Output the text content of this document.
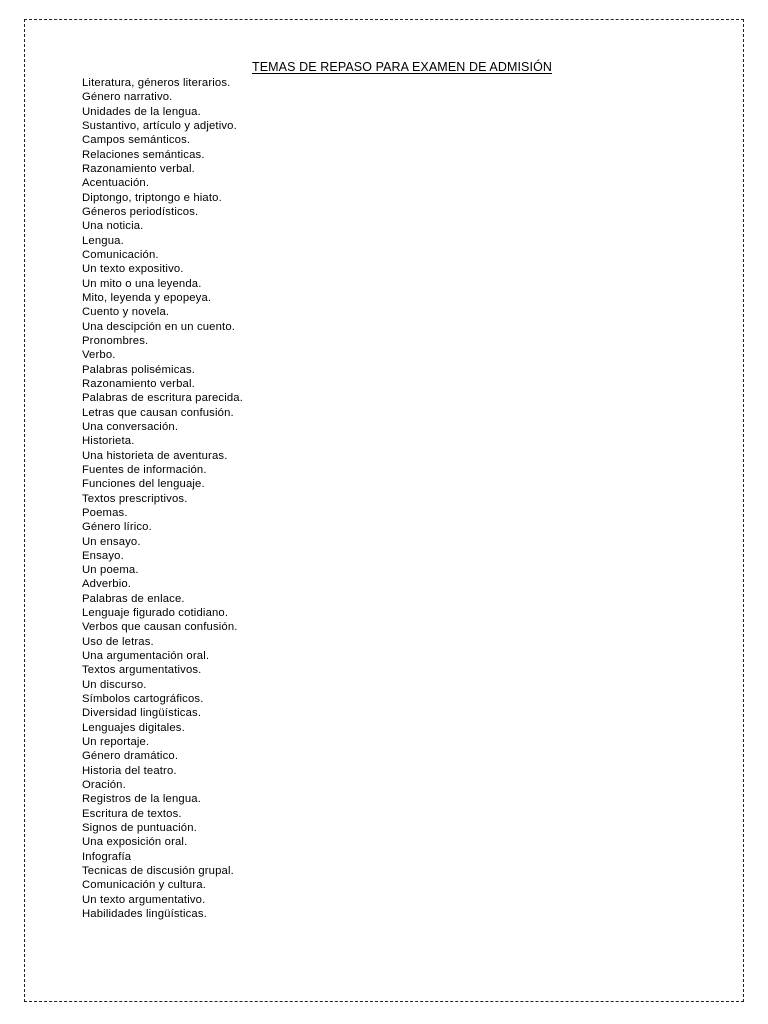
TEMAS DE REPASO PARA EXAMEN DE ADMISIÓN
Literatura, géneros literarios.
Género narrativo.
Unidades de la lengua.
Sustantivo, artículo y adjetivo.
Campos semánticos.
Relaciones semánticas.
Razonamiento verbal.
Acentuación.
Diptongo, triptongo e hiato.
Géneros periodísticos.
Una noticia.
Lengua.
Comunicación.
Un texto expositivo.
Un mito o una leyenda.
Mito, leyenda y epopeya.
Cuento y novela.
Una descipción en un cuento.
Pronombres.
Verbo.
Palabras polisémicas.
Razonamiento verbal.
Palabras de escritura parecida.
Letras que causan confusión.
Una conversación.
Historieta.
Una historieta de aventuras.
Fuentes de información.
Funciones del lenguaje.
Textos prescriptivos.
Poemas.
Género lírico.
Un ensayo.
Ensayo.
Un poema.
Adverbio.
Palabras de enlace.
Lenguaje figurado cotidiano.
Verbos que causan confusión.
Uso de letras.
Una argumentación oral.
Textos argumentativos.
Un discurso.
Símbolos cartográficos.
Diversidad lingüísticas.
Lenguajes digitales.
Un reportaje.
Género dramático.
Historia del teatro.
Oración.
Registros de la lengua.
Escritura de textos.
Signos de puntuación.
Una exposición oral.
Infografía
Tecnicas de discusión grupal.
Comunicación y cultura.
Un texto argumentativo.
Habilidades lingüísticas.
